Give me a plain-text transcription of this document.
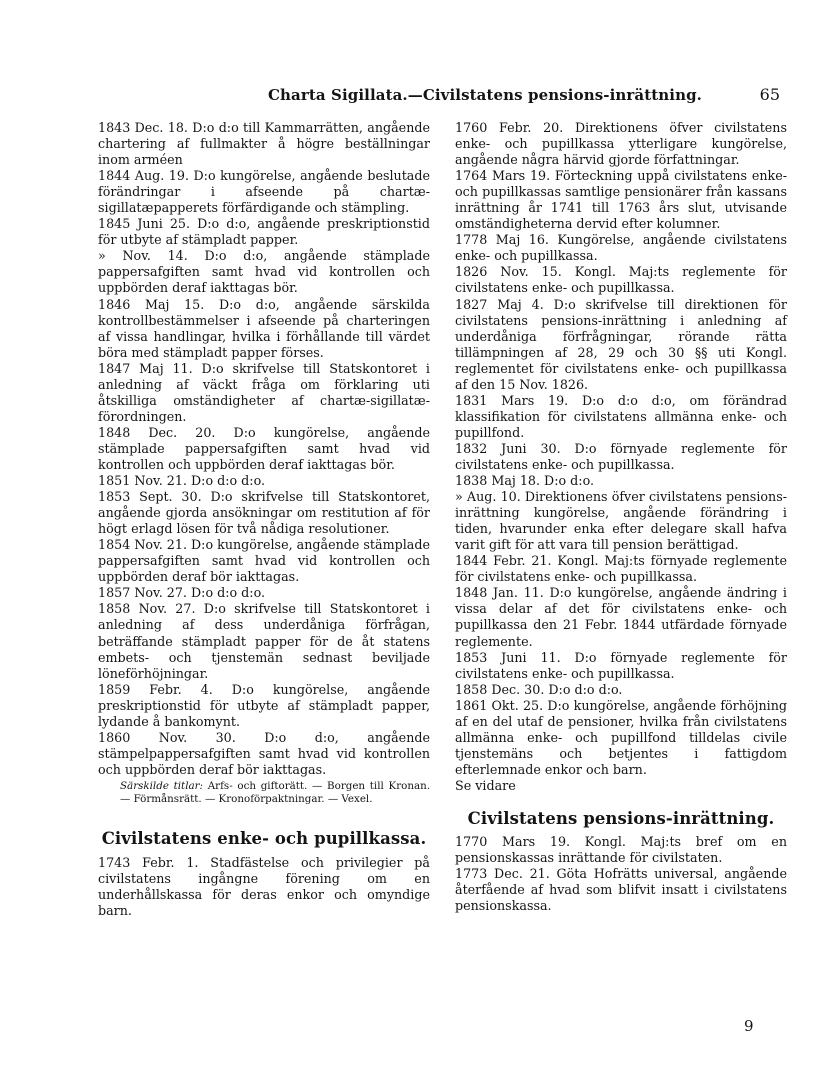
Charta Sigillata.—Civilstatens pensions-inrättning.	65

1843 Dec. 18. D:o d:o till Kammarrätten, angående chartering af fullmakter å högre beställningar inom arméen

1844 Aug. 19. D:o kungörelse, angående beslutade förändringar i afseende på chartæ-sigillatæpapperets förfärdigande och stämpling.

1845 Juni 25. D:o d:o, angående preskriptionstid för utbyte af stämpladt papper.

» Nov. 14. D:o d:o, angående stämplade pappersafgiften samt hvad vid kontrollen och uppbörden deraf iakttagas bör.

1846 Maj 15. D:o d:o, angående särskilda kontrollbestämmelser i afseende på charteringen af vissa handlingar, hvilka i förhållande till värdet böra med stämpladt papper förses.

1847 Maj 11. D:o skrifvelse till Statskontoret i anledning af väckt fråga om förklaring uti åtskilliga omständigheter af chartæ-sigillatæ-förordningen.

1848 Dec. 20. D:o kungörelse, angående stämplade pappersafgiften samt hvad vid kontrollen och uppbörden deraf iakttagas bör.

1851 Nov. 21. D:o d:o d:o.

1853 Sept. 30. D:o skrifvelse till Statskontoret, angående gjorda ansökningar om restitution af för högt erlagd lösen för två nådiga resolutioner.

1854 Nov. 21. D:o kungörelse, angående stämplade pappersafgiften samt hvad vid kontrollen och uppbörden deraf bör iakttagas.

1857 Nov. 27. D:o d:o d:o.

1858 Nov. 27. D:o skrifvelse till Statskontoret i anledning af dess underdåniga förfrågan, beträffande stämpladt papper för de åt statens embets- och tjenstemän sednast beviljade löneförhöjningar.

1859 Febr. 4. D:o kungörelse, angående preskriptionstid för utbyte af stämpladt papper, lydande å bankomynt.

1860 Nov. 30. D:o d:o, angående stämpelpappersafgiften samt hvad vid kontrollen och uppbörden deraf bör iakttagas.

Särskilde titlar: Arfs- och giftorätt. — Borgen till Kronan. — Förmånsrätt. — Kronoförpaktningar. — Vexel.

Civilstatens enke- och pupillkassa.

1743 Febr. 1. Stadfästelse och privilegier på civilstatens ingångne förening om en underhållskassa för deras enkor och omyndige barn.

1760 Febr. 20. Direktionens öfver civilstatens enke- och pupillkassa ytterligare kungörelse, angående några härvid gjorde författningar.

1764 Mars 19. Förteckning uppå civilstatens enke- och pupillkassas samtlige pensionärer från kassans inrättning år 1741 till 1763 års slut, utvisande omständigheterna dervid efter kolumner.

1778 Maj 16. Kungörelse, angående civilstatens enke- och pupillkassa.

1826 Nov. 15. Kongl. Maj:ts reglemente för civilstatens enke- och pupillkassa.

1827 Maj 4. D:o skrifvelse till direktionen för civilstatens pensions-inrättning i anledning af underdåniga förfrågningar, rörande rätta tillämpningen af 28, 29 och 30 §§ uti Kongl. reglementet för civilstatens enke- och pupillkassa af den 15 Nov. 1826.

1831 Mars 19. D:o d:o d:o, om förändrad klassifikation för civilstatens allmänna enke- och pupillfond.

1832 Juni 30. D:o förnyade reglemente för civilstatens enke- och pupillkassa.

1838 Maj 18. D:o d:o.

» Aug. 10. Direktionens öfver civilstatens pensions-inrättning kungörelse, angående förändring i tiden, hvarunder enka efter delegare skall hafva varit gift för att vara till pension berättigad.

1844 Febr. 21. Kongl. Maj:ts förnyade reglemente för civilstatens enke- och pupillkassa.

1848 Jan. 11. D:o kungörelse, angående ändring i vissa delar af det för civilstatens enke- och pupillkassa den 21 Febr. 1844 utfärdade förnyade reglemente.

1853 Juni 11. D:o förnyade reglemente för civilstatens enke- och pupillkassa.

1858 Dec. 30. D:o d:o d:o.

1861 Okt. 25. D:o kungörelse, angående förhöjning af en del utaf de pensioner, hvilka från civilstatens allmänna enke- och pupillfond tilldelas civile tjenstemäns och betjentes i fattigdom efterlemnade enkor och barn.

Se vidare

Civilstatens pensions-inrättning.

1770 Mars 19. Kongl. Maj:ts bref om en pensionskassas inrättande för civilstaten.

1773 Dec. 21. Göta Hofrätts universal, angående återfående af hvad som blifvit insatt i civilstatens pensionskassa.

9
